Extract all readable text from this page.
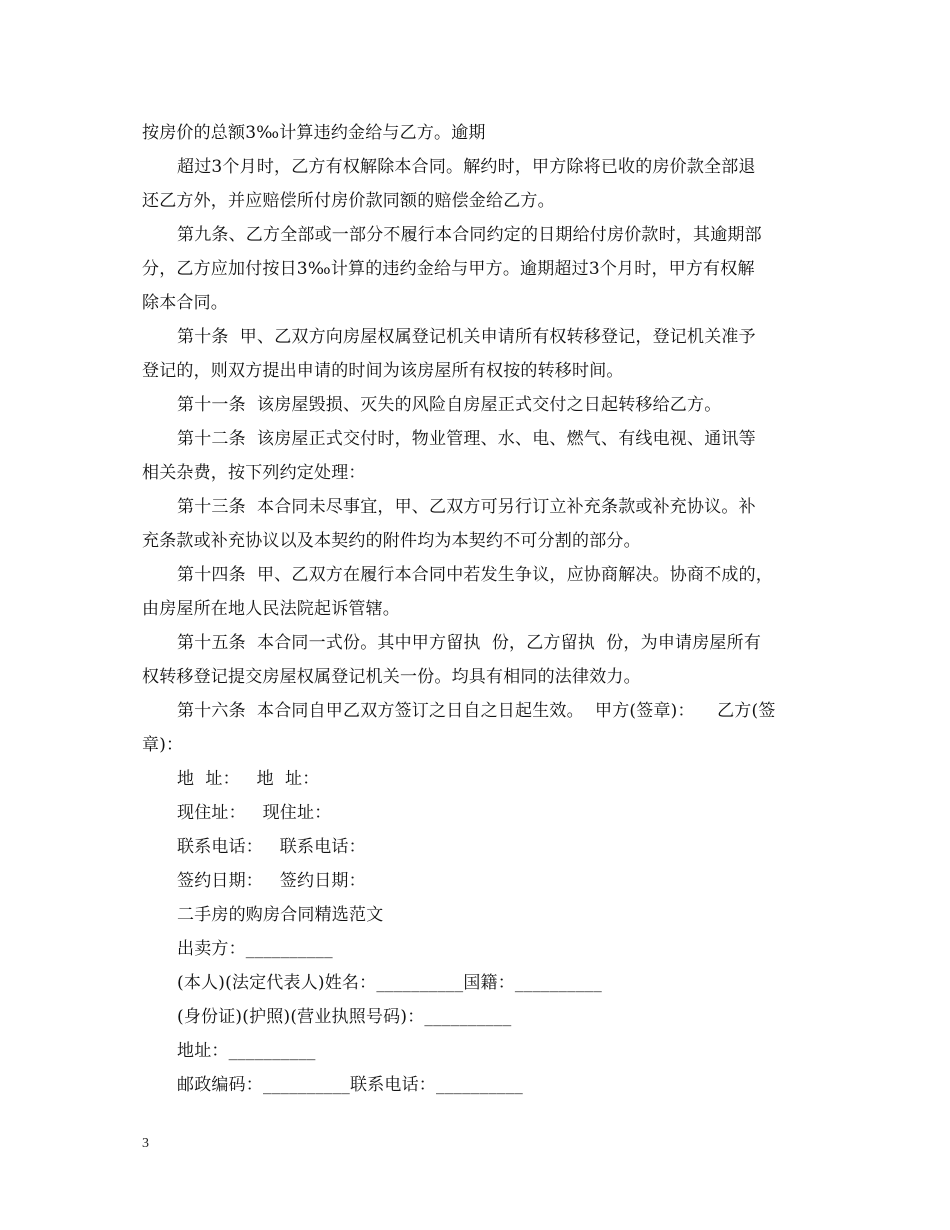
按房价的总额3‰计算违约金给与乙方。逾期
超过3个月时，乙方有权解除本合同。解约时，甲方除将已收的房价款全部退
还乙方外，并应赔偿所付房价款同额的赔偿金给乙方。
第九条、乙方全部或一部分不履行本合同约定的日期给付房价款时，其逾期部
分，乙方应加付按日3‰计算的违约金给与甲方。逾期超过3个月时，甲方有权解
除本合同。
第十条  甲、乙双方向房屋权属登记机关申请所有权转移登记，登记机关准予
登记的，则双方提出申请的时间为该房屋所有权按的转移时间。
第十一条  该房屋毁损、灭失的风险自房屋正式交付之日起转移给乙方。
第十二条  该房屋正式交付时，物业管理、水、电、燃气、有线电视、通讯等
相关杂费，按下列约定处理：
第十三条  本合同未尽事宜，甲、乙双方可另行订立补充条款或补充协议。补
充条款或补充协议以及本契约的附件均为本契约不可分割的部分。
第十四条  甲、乙双方在履行本合同中若发生争议，应协商解决。协商不成的，
由房屋所在地人民法院起诉管辖。
第十五条  本合同一式份。其中甲方留执  份，乙方留执  份，为申请房屋所有
权转移登记提交房屋权属登记机关一份。均具有相同的法律效力。
第十六条  本合同自甲乙双方签订之日自之日起生效。  甲方(签章)：    乙方(签
章)：
地  址：   地  址：
现住址：   现住址：
联系电话：   联系电话：
签约日期：   签约日期：
二手房的购房合同精选范文
出卖方：__________
(本人)(法定代表人)姓名：__________国籍：__________
(身份证)(护照)(营业执照号码)：__________
地址：__________
邮政编码：__________联系电话：__________
3
